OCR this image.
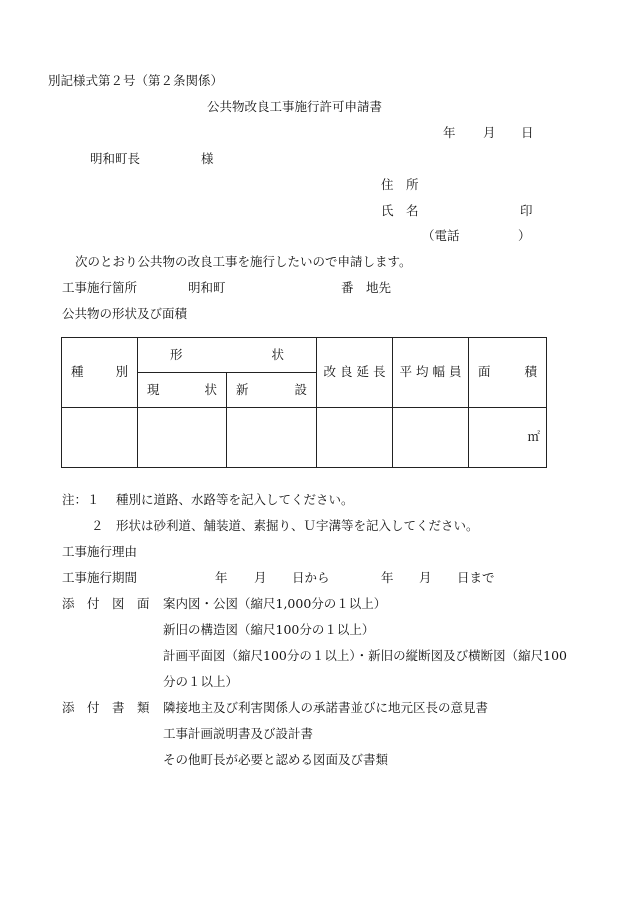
別記様式第２号（第２条関係）
公共物改良工事施行許可申請書
年 月 日
明和町長	様
住　所
氏　名	印
（電話	）
次のとおり公共物の改良工事を施行したいので申請します。
工事施行箇所	明和町	番　地先
公共物の形状及び面積
種 別	形 状		改 良 延 長	平 均 幅 員	面 積

	現 状	新 設			

					㎡
注：１ 種別に道路、水路等を記入してください。
２ 形状は砂利道、舗装道、素掘り、Ｕ宇溝等を記入してください。
工事施行理由
工事施行期間	年 月 日から	年 月 日まで
添　付　図　面 案内図・公図（縮尺1,000分の１以上）
新旧の構造図（縮尺100分の１以上）
計画平面図（縮尺100分の１以上）・新旧の縦断図及び横断図（縮尺100
分の１以上）
添　付　書　類 隣接地主及び利害関係人の承諾書並びに地元区長の意見書
工事計画説明書及び設計書
その他町長が必要と認める図面及び書類
